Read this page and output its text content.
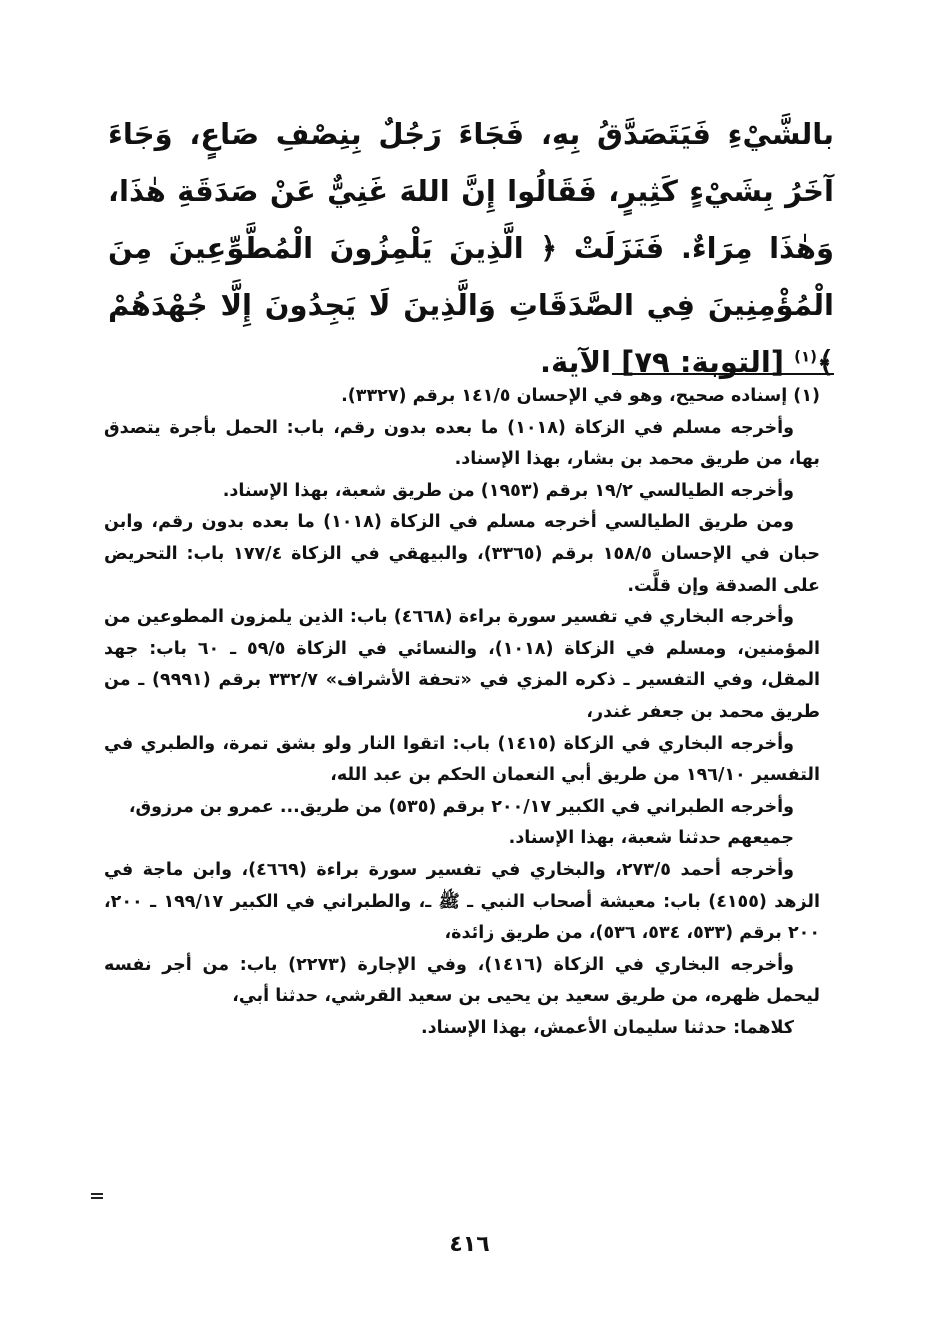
بالشَّيْءِ فَيَتَصَدَّقُ بِهِ، فَجَاءَ رَجُلٌ بِنِصْفِ صَاعٍ، وَجَاءَ آخَرُ بِشَيْءٍ كَثِيرٍ، فَقَالُوا إِنَّ اللهَ غَنِيٌّ عَنْ صَدَقَةِ هٰذَا، وَهٰذَا مِرَاءٌ. فَنَزَلَتْ ﴿ الَّذِينَ يَلْمِزُونَ الْمُطَّوِّعِينَ مِنَ الْمُؤْمِنِينَ فِي الصَّدَقَاتِ وَالَّذِينَ لَا يَجِدُونَ إِلَّا جُهْدَهُمْ ﴾$^{(١)}$ [التوبة: ٧٩] الآية.

(١) إسناده صحيح، وهو في الإحسان ١٤١/٥ برقم (٣٣٢٧).

وأخرجه مسلم في الزكاة (١٠١٨) ما بعده بدون رقم، باب: الحمل بأجرة يتصدق بها، من طريق محمد بن بشار، بهذا الإسناد.

وأخرجه الطيالسي ١٩/٢ برقم (١٩٥٣) من طريق شعبة، بهذا الإسناد.

ومن طريق الطيالسي أخرجه مسلم في الزكاة (١٠١٨) ما بعده بدون رقم، وابن حبان في الإحسان ١٥٨/٥ برقم (٣٣٦٥)، والبيهقي في الزكاة ١٧٧/٤ باب: التحريض على الصدقة وإن قلَّت.

وأخرجه البخاري في تفسير سورة براءة (٤٦٦٨) باب: الذين يلمزون المطوعين من المؤمنين، ومسلم في الزكاة (١٠١٨)، والنسائي في الزكاة ٥٩/٥ ـ ٦٠ باب: جهد المقل، وفي التفسير ـ ذكره المزي في «تحفة الأشراف» ٣٣٢/٧ برقم (٩٩٩١) ـ من طريق محمد بن جعفر غندر،

وأخرجه البخاري في الزكاة (١٤١٥) باب: اتقوا النار ولو بشق تمرة، والطبري في التفسير ١٩٦/١٠ من طريق أبي النعمان الحكم بن عبد الله،

وأخرجه الطبراني في الكبير ٢٠٠/١٧ برقم (٥٣٥) من طريق... عمرو بن مرزوق،

جميعهم حدثنا شعبة، بهذا الإسناد.

وأخرجه أحمد ٢٧٣/٥، والبخاري في تفسير سورة براءة (٤٦٦٩)، وابن ماجة في الزهد (٤١٥٥) باب: معيشة أصحاب النبي ـ ﷺ ـ، والطبراني في الكبير ١٩٩/١٧ ـ ٢٠٠، ٢٠٠ برقم (٥٣٣، ٥٣٤، ٥٣٦)، من طريق زائدة،

وأخرجه البخاري في الزكاة (١٤١٦)، وفي الإجارة (٢٢٧٣) باب: من أجر نفسه ليحمل ظهره، من طريق سعيد بن يحيى بن سعيد القرشي، حدثنا أبي،

كلاهما: حدثنا سليمان الأعمش، بهذا الإسناد.

٤١٦
